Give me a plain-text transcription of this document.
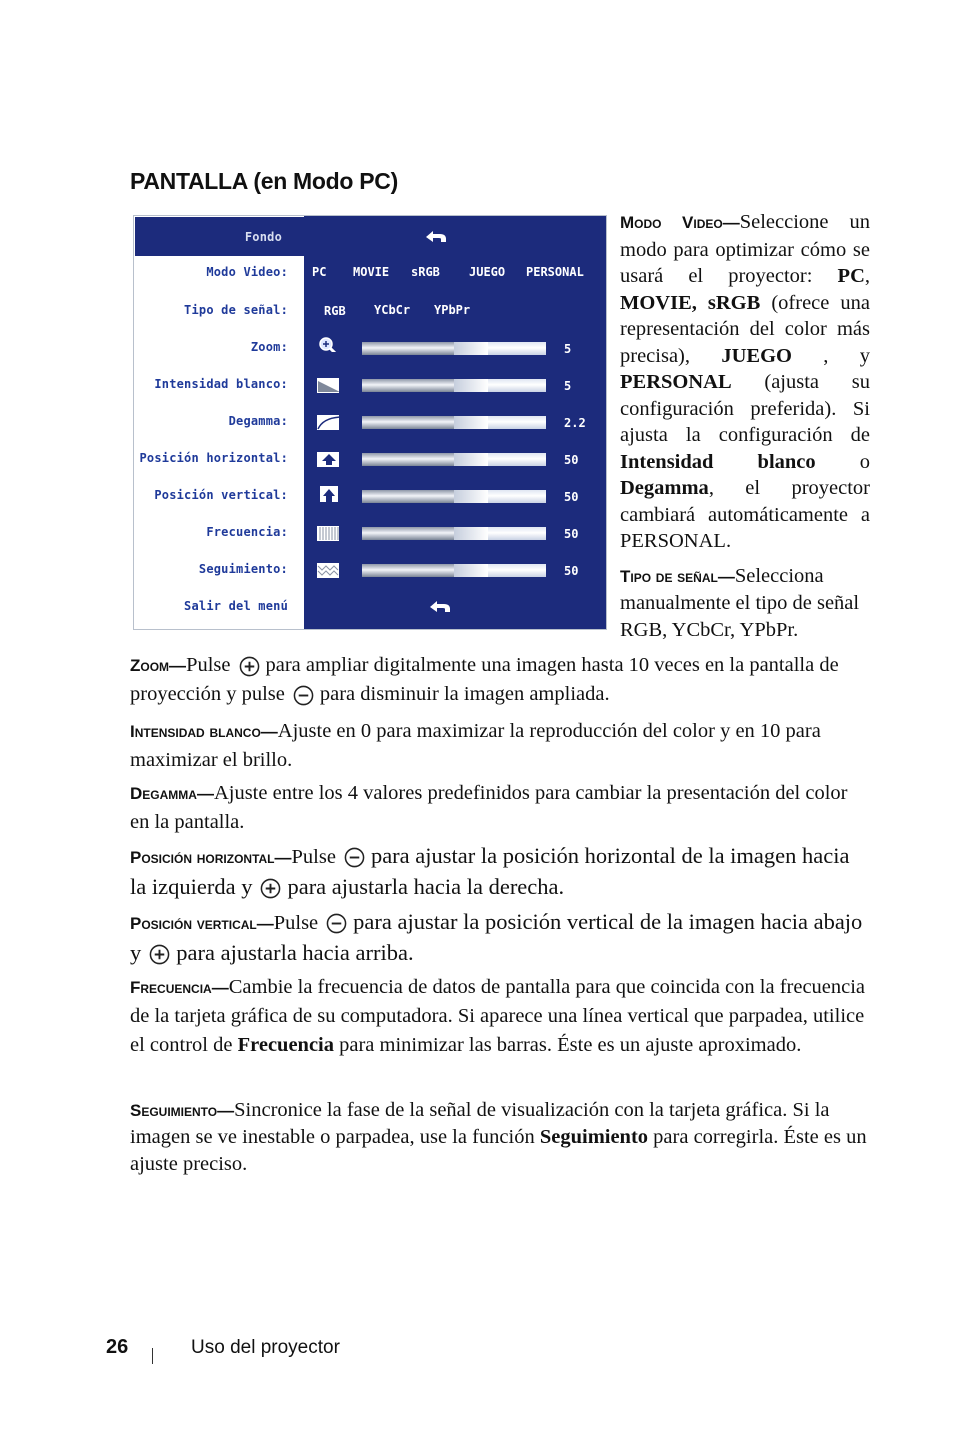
PANTALLA (en Modo PC)
Fondo
Modo Video: PC MOVIE sRGB JUEGO PERSONAL
Tipo de señal:	RGB YCbCr YPbPr
Zoom:	5
Intensidad blanco:	5
Degamma:	2.2
Posición horizontal:	50
Posición vertical:	50
Frecuencia:	50
Seguimiento:	50
Salir del menú
Modo Video—Seleccione un modo para optimizar cómo se usará el proyector: PC, MOVIE, sRGB (ofrece una representación del color más precisa), JUEGO , y PERSONAL (ajusta su configuración preferida). Si ajusta la configuración de Intensidad blanco o Degamma, el proyector cambiará automáticamente a PERSONAL.
Tipo de señal—Selecciona manualmente el tipo de señal RGB, YCbCr, YPbPr.
Zoom—Pulse para ampliar digitalmente una imagen hasta 10 veces en la pantalla de proyección y pulse para disminuir la imagen ampliada.
Intensidad blanco—Ajuste en 0 para maximizar la reproducción del color y en 10 para maximizar el brillo.
Degamma—Ajuste entre los 4 valores predefinidos para cambiar la presentación del color en la pantalla.
Posición horizontal—Pulse para ajustar la posición horizontal de la imagen hacia la izquierda y para ajustarla hacia la derecha.
Posición vertical—Pulse para ajustar la posición vertical de la imagen hacia abajo y para ajustarla hacia arriba.
Frecuencia—Cambie la frecuencia de datos de pantalla para que coincida con la frecuencia de la tarjeta gráfica de su computadora. Si aparece una línea vertical que parpadea, utilice el control de Frecuencia para minimizar las barras. Éste es un ajuste aproximado.
Seguimiento—Sincronice la fase de la señal de visualización con la tarjeta gráfica. Si la imagen se ve inestable o parpadea, use la función Seguimiento para corregirla. Éste es un ajuste preciso.
26	Uso del proyector
